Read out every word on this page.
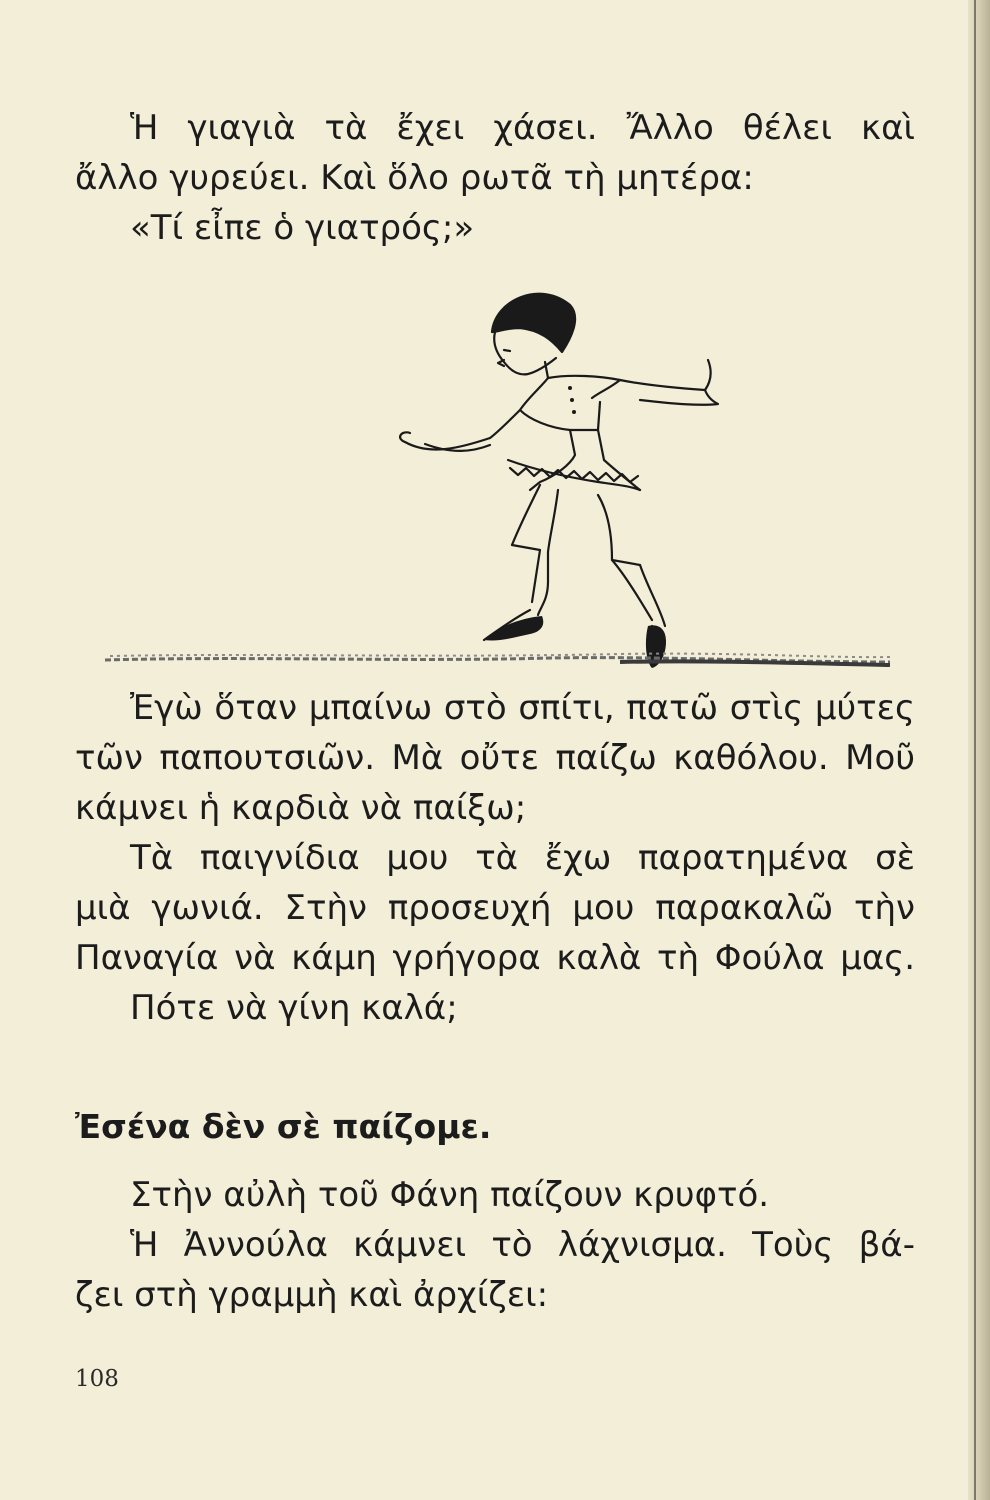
Ἡ γιαγιὰ τὰ ἔχει χάσει. Ἄλλο θέλει καὶ
ἄλλο γυρεύει. Καὶ ὅλο ρωτᾶ τὴ μητέρα:
«Τί εἶπε ὁ γιατρός;»
Ἐγὼ ὅταν μπαίνω στὸ σπίτι, πατῶ στὶς μύτες
τῶν παπουτσιῶν. Μὰ οὔτε παίζω καθόλου. Μοῦ
κάμνει ἡ καρδιὰ νὰ παίξω;
Τὰ παιγνίδια μου τὰ ἔχω παρατημένα σὲ
μιὰ γωνιά. Στὴν προσευχή μου παρακαλῶ τὴν
Παναγία νὰ κάμη γρήγορα καλὰ τὴ Φούλα μας.
Πότε νὰ γίνη καλά;
Ἐσένα δὲν σὲ παίζομε.
Στὴν αὐλὴ τοῦ Φάνη παίζουν κρυφτό.
Ἡ Ἀννούλα κάμνει τὸ λάχνισμα. Τοὺς βά-
ζει στὴ γραμμὴ καὶ ἀρχίζει:

108
